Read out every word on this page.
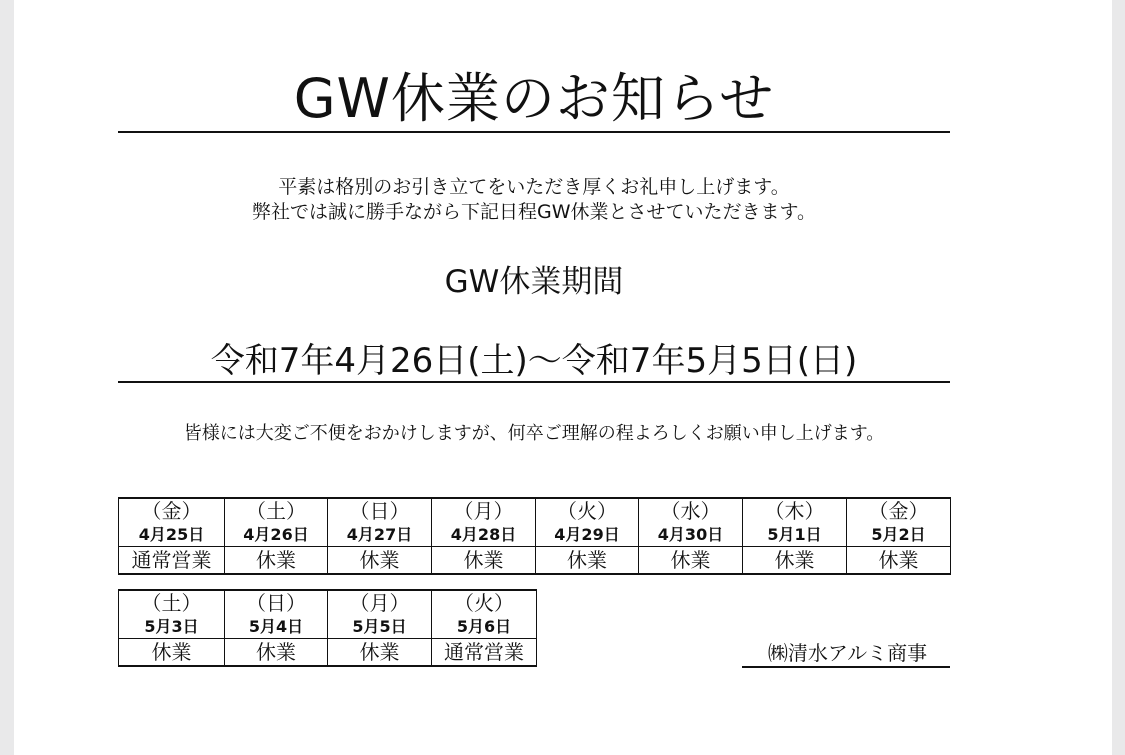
GW休業のお知らせ
平素は格別のお引き立てをいただき厚くお礼申し上げます。
弊社では誠に勝手ながら下記日程GW休業とさせていただきます。
GW休業期間
令和7年4月26日(土)～令和7年5月5日(日)
皆様には大変ご不便をおかけしますが、何卒ご理解の程よろしくお願い申し上げます。
（金）	（土）	（日）	（月）	（火）	（水）	（木）	（金）
4月25日	4月26日	4月27日	4月28日	4月29日	4月30日	5月1日	5月2日
通常営業	休業	休業	休業	休業	休業	休業	休業
（土）	（日）	（月）	（火）
5月3日	5月4日	5月5日	5月6日
休業	休業	休業	通常営業	㈱清水アルミ商事
